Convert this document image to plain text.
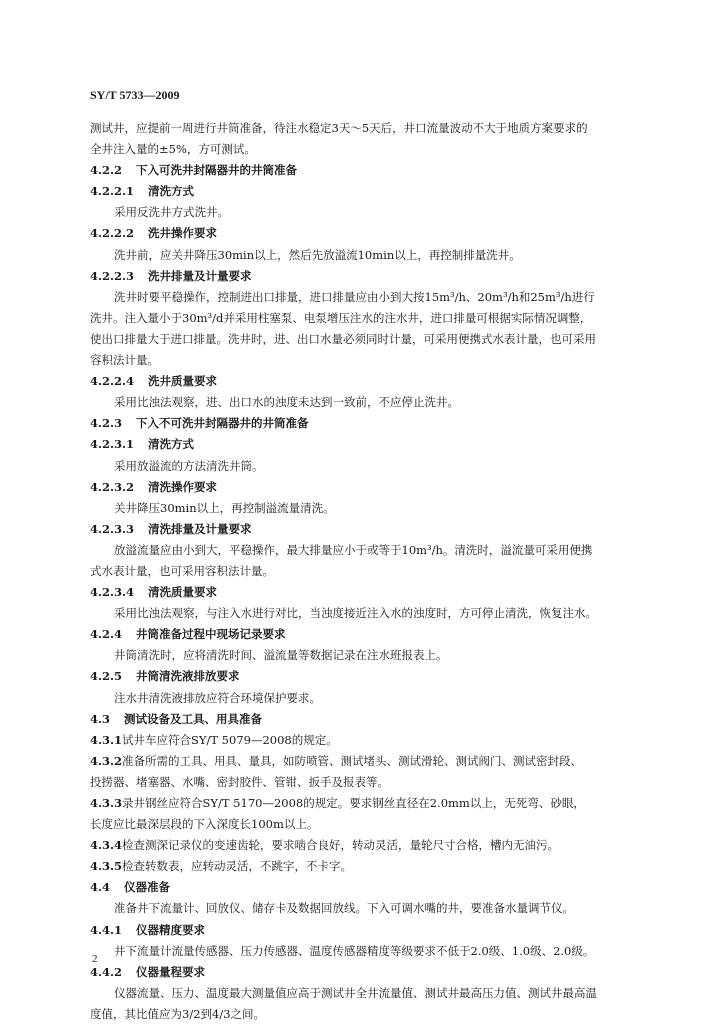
SY/T 5733—2009
测试井，应提前一周进行井筒准备，待注水稳定3天～5天后，井口流量波动不大于地质方案要求的
全井注入量的±5%，方可测试。
4.2.2 下入可洗井封隔器井的井筒准备
4.2.2.1 清洗方式
采用反洗井方式洗井。
4.2.2.2 洗井操作要求
洗井前，应关井降压30min以上，然后先放溢流10min以上，再控制排量洗井。
4.2.2.3 洗井排量及计量要求
洗井时要平稳操作，控制进出口排量，进口排量应由小到大按15m³/h、20m³/h和25m³/h进行
洗井。注入量小于30m³/d并采用柱塞泵、电泵增压注水的注水井，进口排量可根据实际情况调整，
使出口排量大于进口排量。洗井时，进、出口水量必须同时计量，可采用便携式水表计量，也可采用
容积法计量。
4.2.2.4 洗井质量要求
采用比浊法观察，进、出口水的浊度未达到一致前，不应停止洗井。
4.2.3 下入不可洗井封隔器井的井筒准备
4.2.3.1 清洗方式
采用放溢流的方法清洗井筒。
4.2.3.2 清洗操作要求
关井降压30min以上，再控制溢流量清洗。
4.2.3.3 清洗排量及计量要求
放溢流量应由小到大，平稳操作，最大排量应小于或等于10m³/h。清洗时，溢流量可采用便携
式水表计量，也可采用容积法计量。
4.2.3.4 清洗质量要求
采用比浊法观察，与注入水进行对比，当浊度接近注入水的浊度时，方可停止清洗，恢复注水。
4.2.4 井筒准备过程中现场记录要求
井筒清洗时，应将清洗时间、溢流量等数据记录在注水班报表上。
4.2.5 井筒清洗液排放要求
注水井清洗液排放应符合环境保护要求。
4.3 测试设备及工具、用具准备
4.3.1试井车应符合SY/T 5079—2008的规定。
4.3.2准备所需的工具、用具、量具，如防喷管、测试堵头、测试滑轮、测试阀门、测试密封段、
投捞器、堵塞器、水嘴、密封胶件、管钳、扳手及报表等。
4.3.3录井钢丝应符合SY/T 5170—2008的规定。要求钢丝直径在2.0mm以上，无死弯、砂眼，
长度应比最深层段的下入深度长100m以上。
4.3.4检查测深记录仪的变速齿轮，要求啮合良好，转动灵活，量轮尺寸合格，槽内无油污。
4.3.5检查转数表，应转动灵活，不跳字，不卡字。
4.4 仪器准备
准备井下流量计、回放仪、储存卡及数据回放线。下入可调水嘴的井，要准备水量调节仪。
4.4.1 仪器精度要求
井下流量计流量传感器、压力传感器、温度传感器精度等级要求不低于2.0级、1.0级、2.0级。
4.4.2 仪器量程要求
仪器流量、压力、温度最大测量值应高于测试井全井流量值、测试井最高压力值、测试井最高温
度值，其比值应为3/2到4/3之间。
2
